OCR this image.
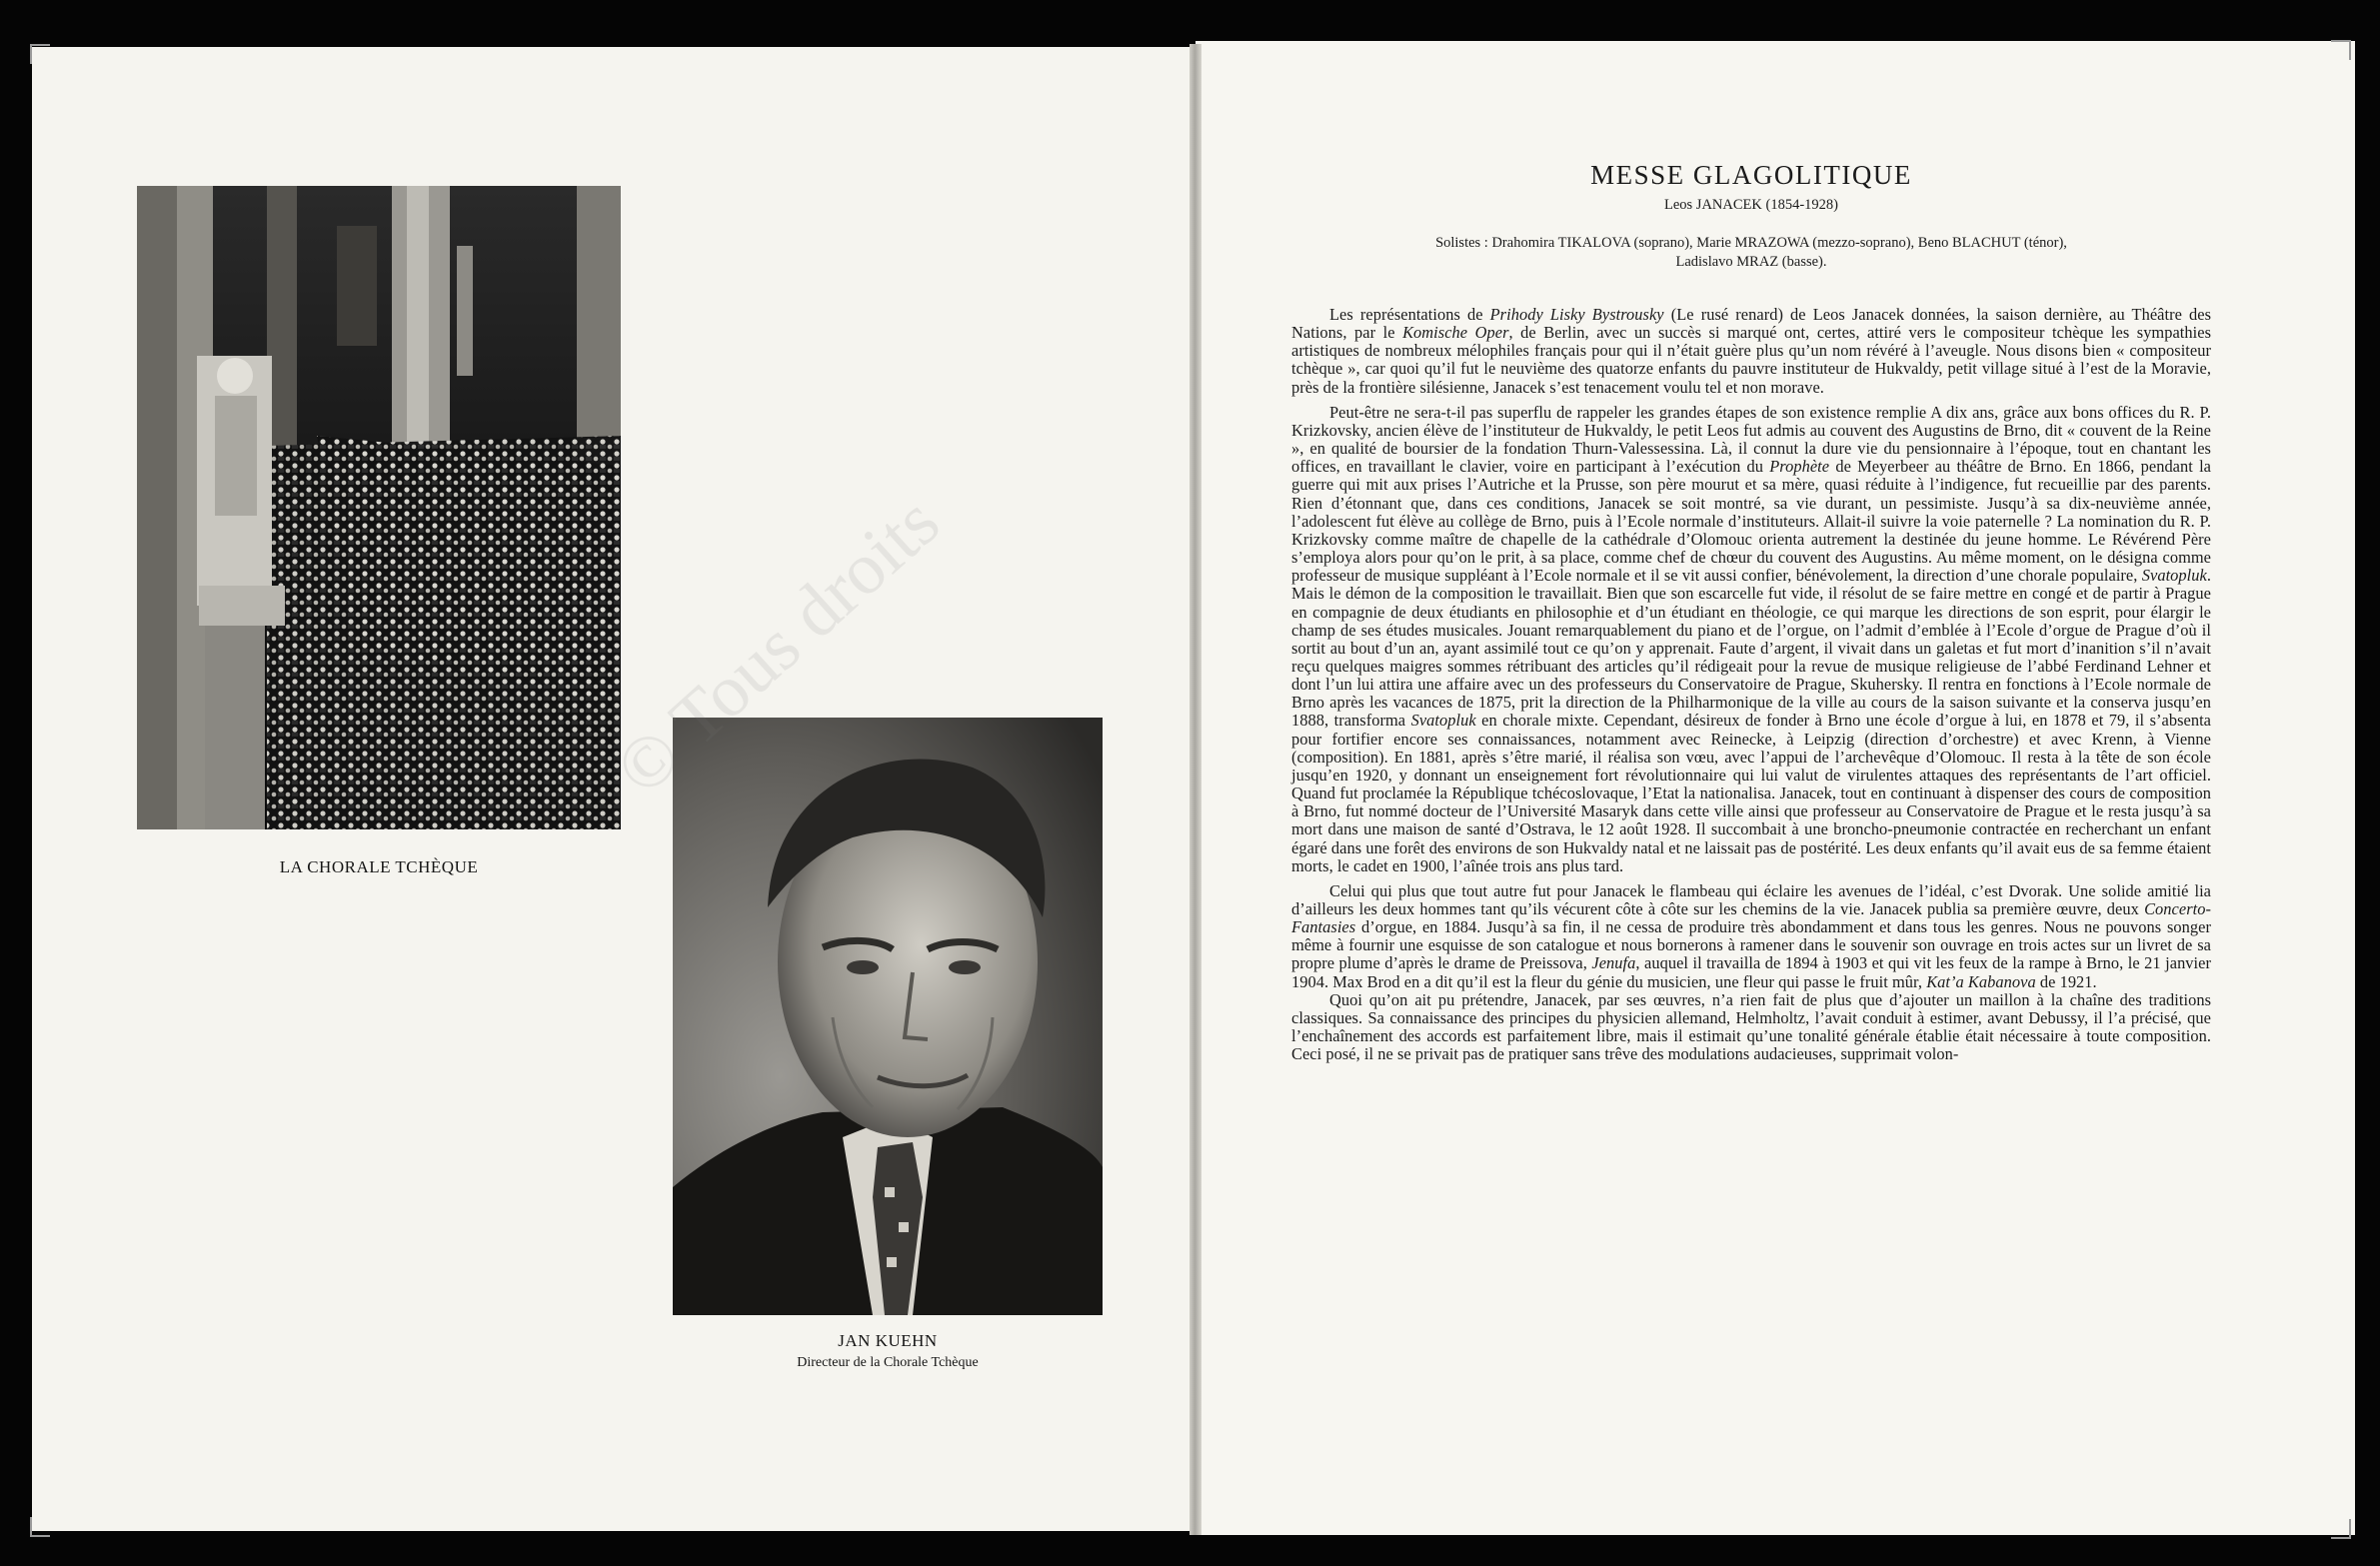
LA CHORALE TCHÈQUE
JAN KUEHN
Directeur de la Chorale Tchèque
MESSE GLAGOLITIQUE
Leos JANACEK (1854-1928)
Solistes : Drahomira TIKALOVA (soprano), Marie MRAZOWA (mezzo-soprano), Beno BLACHUT (ténor),
Ladislavo MRAZ (basse).

Les représentations de Prihody Lisky Bystrousky (Le rusé renard) de Leos Janacek données, la saison dernière, au Théâtre des Nations, par le Komische Oper, de Berlin, avec un succès si marqué ont, certes, attiré vers le compositeur tchèque les sympathies artistiques de nombreux mélophiles français pour qui il n’était guère plus qu’un nom révéré à l’aveugle. Nous disons bien « compositeur tchèque », car quoi qu’il fut le neuvième des quatorze enfants du pauvre instituteur de Hukvaldy, petit village situé à l’est de la Moravie, près de la frontière silésienne, Janacek s’est tenacement voulu tel et non morave.

Peut-être ne sera-t-il pas superflu de rappeler les grandes étapes de son existence remplie A dix ans, grâce aux bons offices du R. P. Krizkovsky, ancien élève de l’instituteur de Hukvaldy, le petit Leos fut admis au couvent des Augustins de Brno, dit « couvent de la Reine », en qualité de boursier de la fondation Thurn-Valessessina. Là, il connut la dure vie du pensionnaire à l’époque, tout en chantant les offices, en travaillant le clavier, voire en participant à l’exécution du Prophète de Meyerbeer au théâtre de Brno. En 1866, pendant la guerre qui mit aux prises l’Autriche et la Prusse, son père mourut et sa mère, quasi réduite à l’indigence, fut recueillie par des parents. Rien d’étonnant que, dans ces conditions, Janacek se soit montré, sa vie durant, un pessimiste. Jusqu’à sa dix-neuvième année, l’adolescent fut élève au collège de Brno, puis à l’Ecole normale d’instituteurs. Allait-il suivre la voie paternelle ? La nomination du R. P. Krizkovsky comme maître de chapelle de la cathédrale d’Olomouc orienta autrement la destinée du jeune homme. Le Révérend Père s’employa alors pour qu’on le prit, à sa place, comme chef de chœur du couvent des Augustins. Au même moment, on le désigna comme professeur de musique suppléant à l’Ecole normale et il se vit aussi confier, bénévolement, la direction d’une chorale populaire, Svatopluk. Mais le démon de la composition le travaillait. Bien que son escarcelle fut vide, il résolut de se faire mettre en congé et de partir à Prague en compagnie de deux étudiants en philosophie et d’un étudiant en théologie, ce qui marque les directions de son esprit, pour élargir le champ de ses études musicales. Jouant remarquablement du piano et de l’orgue, on l’admit d’emblée à l’Ecole d’orgue de Prague d’où il sortit au bout d’un an, ayant assimilé tout ce qu’on y apprenait. Faute d’argent, il vivait dans un galetas et fut mort d’inanition s’il n’avait reçu quelques maigres sommes rétribuant des articles qu’il rédigeait pour la revue de musique religieuse de l’abbé Ferdinand Lehner et dont l’un lui attira une affaire avec un des professeurs du Conservatoire de Prague, Skuhersky. Il rentra en fonctions à l’Ecole normale de Brno après les vacances de 1875, prit la direction de la Philharmonique de la ville au cours de la saison suivante et la conserva jusqu’en 1888, transforma Svatopluk en chorale mixte. Cependant, désireux de fonder à Brno une école d’orgue à lui, en 1878 et 79, il s’absenta pour fortifier encore ses connaissances, notamment avec Reinecke, à Leipzig (direction d’orchestre) et avec Krenn, à Vienne (composition). En 1881, après s’être marié, il réalisa son vœu, avec l’appui de l’archevêque d’Olomouc. Il resta à la tête de son école jusqu’en 1920, y donnant un enseignement fort révolutionnaire qui lui valut de virulentes attaques des représentants de l’art officiel. Quand fut proclamée la République tchécoslovaque, l’Etat la nationalisa. Janacek, tout en continuant à dispenser des cours de composition à Brno, fut nommé docteur de l’Université Masaryk dans cette ville ainsi que professeur au Conservatoire de Prague et le resta jusqu’à sa mort dans une maison de santé d’Ostrava, le 12 août 1928. Il succombait à une broncho-pneumonie contractée en recherchant un enfant égaré dans une forêt des environs de son Hukvaldy natal et ne laissait pas de postérité. Les deux enfants qu’il avait eus de sa femme étaient morts, le cadet en 1900, l’aînée trois ans plus tard.

Celui qui plus que tout autre fut pour Janacek le flambeau qui éclaire les avenues de l’idéal, c’est Dvorak. Une solide amitié lia d’ailleurs les deux hommes tant qu’ils vécurent côte à côte sur les chemins de la vie. Janacek publia sa première œuvre, deux Concerto-Fantasies d’orgue, en 1884. Jusqu’à sa fin, il ne cessa de produire très abondamment et dans tous les genres. Nous ne pouvons songer même à fournir une esquisse de son catalogue et nous bornerons à ramener dans le souvenir son ouvrage en trois actes sur un livret de sa propre plume d’après le drame de Preissova, Jenufa, auquel il travailla de 1894 à 1903 et qui vit les feux de la rampe à Brno, le 21 janvier 1904. Max Brod en a dit qu’il est la fleur du génie du musicien, une fleur qui passe le fruit mûr, Kat’a Kabanova de 1921.

Quoi qu’on ait pu prétendre, Janacek, par ses œuvres, n’a rien fait de plus que d’ajouter un maillon à la chaîne des traditions classiques. Sa connaissance des principes du physicien allemand, Helmholtz, l’avait conduit à estimer, avant Debussy, il l’a précisé, que l’enchaînement des accords est parfaitement libre, mais il estimait qu’une tonalité générale établie était nécessaire à toute composition. Ceci posé, il ne se privait pas de pratiquer sans trêve des modulations audacieuses, supprimait volon-
